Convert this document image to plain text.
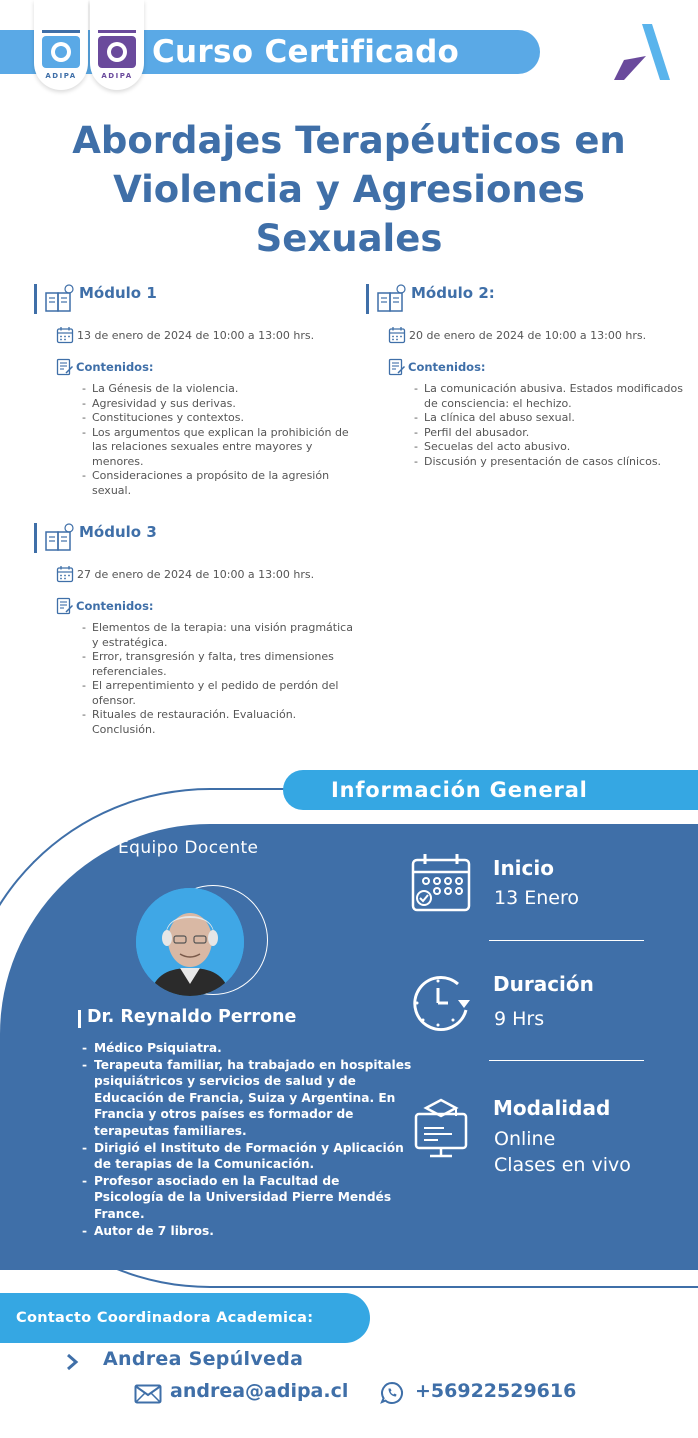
ADIPA	ADIPA
Curso Certificado
Abordajes Terapéuticos en
Violencia y Agresiones
Sexuales
Módulo 1
13 de enero de 2024 de 10:00 a 13:00 hrs.
Contenidos:
- La Génesis de la violencia.
- Agresividad y sus derivas.
- Constituciones y contextos.
- Los argumentos que explican la prohibición de las relaciones sexuales entre mayores y menores.
- Consideraciones a propósito de la agresión sexual.
Módulo 2:
20 de enero de 2024 de 10:00 a 13:00 hrs.
Contenidos:
- La comunicación abusiva. Estados modificados de consciencia: el hechizo.
- La clínica del abuso sexual.
- Perfil del abusador.
- Secuelas del acto abusivo.
- Discusión y presentación de casos clínicos.
Módulo 3
27 de enero de 2024 de 10:00 a 13:00 hrs.
Contenidos:
- Elementos de la terapia: una visión pragmática y estratégica.
- Error, transgresión y falta, tres dimensiones referenciales.
- El arrepentimiento y el pedido de perdón del ofensor.
- Rituales de restauración. Evaluación. Conclusión.
Información General
Equipo Docente
Dr. Reynaldo Perrone
- Médico Psiquiatra.
- Terapeuta familiar, ha trabajado en hospitales psiquiátricos y servicios de salud y de Educación de Francia, Suiza y Argentina. En Francia y otros países es formador de terapeutas familiares.
- Dirigió el Instituto de Formación y Aplicación de terapias de la Comunicación.
- Profesor asociado en la Facultad de Psicología de la Universidad Pierre Mendés France.
- Autor de 7 libros.
Inicio
13 Enero
Duración
9 Hrs
Modalidad
Online
Clases en vivo
Contacto Coordinadora Academica:
Andrea Sepúlveda
andrea@adipa.cl	+56922529616
